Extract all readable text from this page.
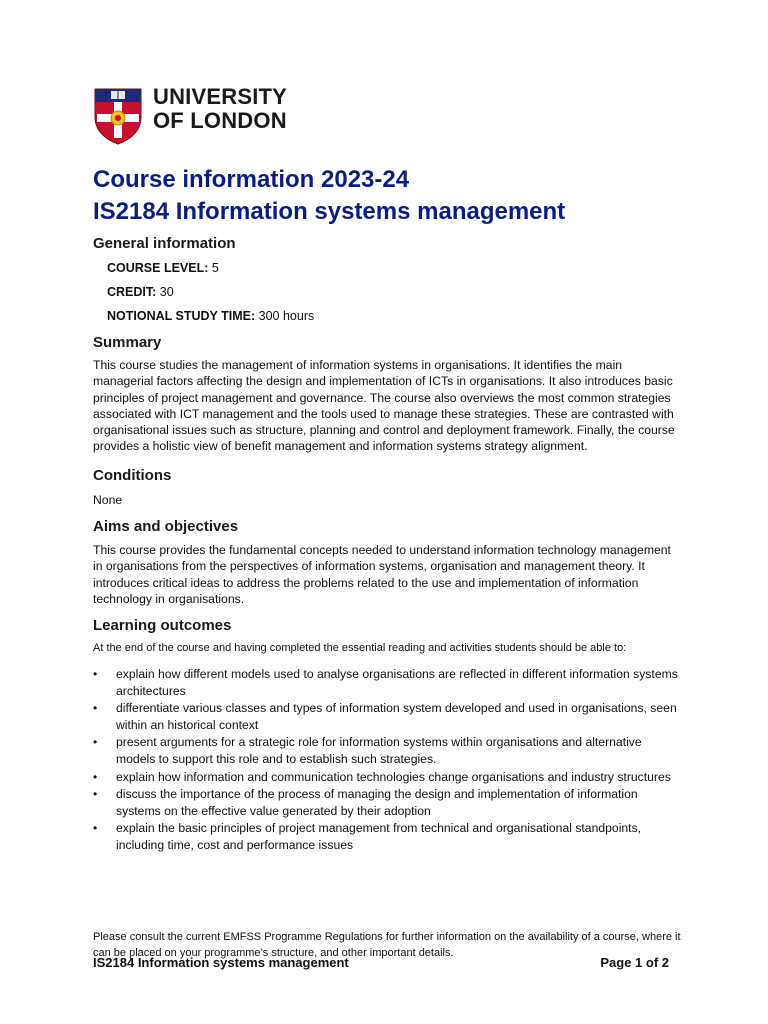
UNIVERSITY
OF LONDON
Course information 2023-24
IS2184 Information systems management
General information
COURSE LEVEL: 5
CREDIT: 30
NOTIONAL STUDY TIME: 300 hours
Summary

This course studies the management of information systems in organisations. It identifies the main managerial factors affecting the design and implementation of ICTs in organisations. It also introduces basic principles of project management and governance. The course also overviews the most common strategies associated with ICT management and the tools used to manage these strategies. These are contrasted with organisational issues such as structure, planning and control and deployment framework. Finally, the course provides a holistic view of benefit management and information systems strategy alignment.

Conditions

None

Aims and objectives

This course provides the fundamental concepts needed to understand information technology management in organisations from the perspectives of information systems, organisation and management theory. It introduces critical ideas to address the problems related to the use and implementation of information technology in organisations.

Learning outcomes

At the end of the course and having completed the essential reading and activities students should be able to:

• explain how different models used to analyse organisations are reflected in different information systems architectures
• differentiate various classes and types of information system developed and used in organisations, seen within an historical context
• present arguments for a strategic role for information systems within organisations and alternative models to support this role and to establish such strategies.
• explain how information and communication technologies change organisations and industry structures
• discuss the importance of the process of managing the design and implementation of information systems on the effective value generated by their adoption
• explain the basic principles of project management from technical and organisational standpoints, including time, cost and performance issues

Please consult the current EMFSS Programme Regulations for further information on the availability of a course, where it can be placed on your programme’s structure, and other important details.

IS2184 Information systems management	Page 1 of 2
